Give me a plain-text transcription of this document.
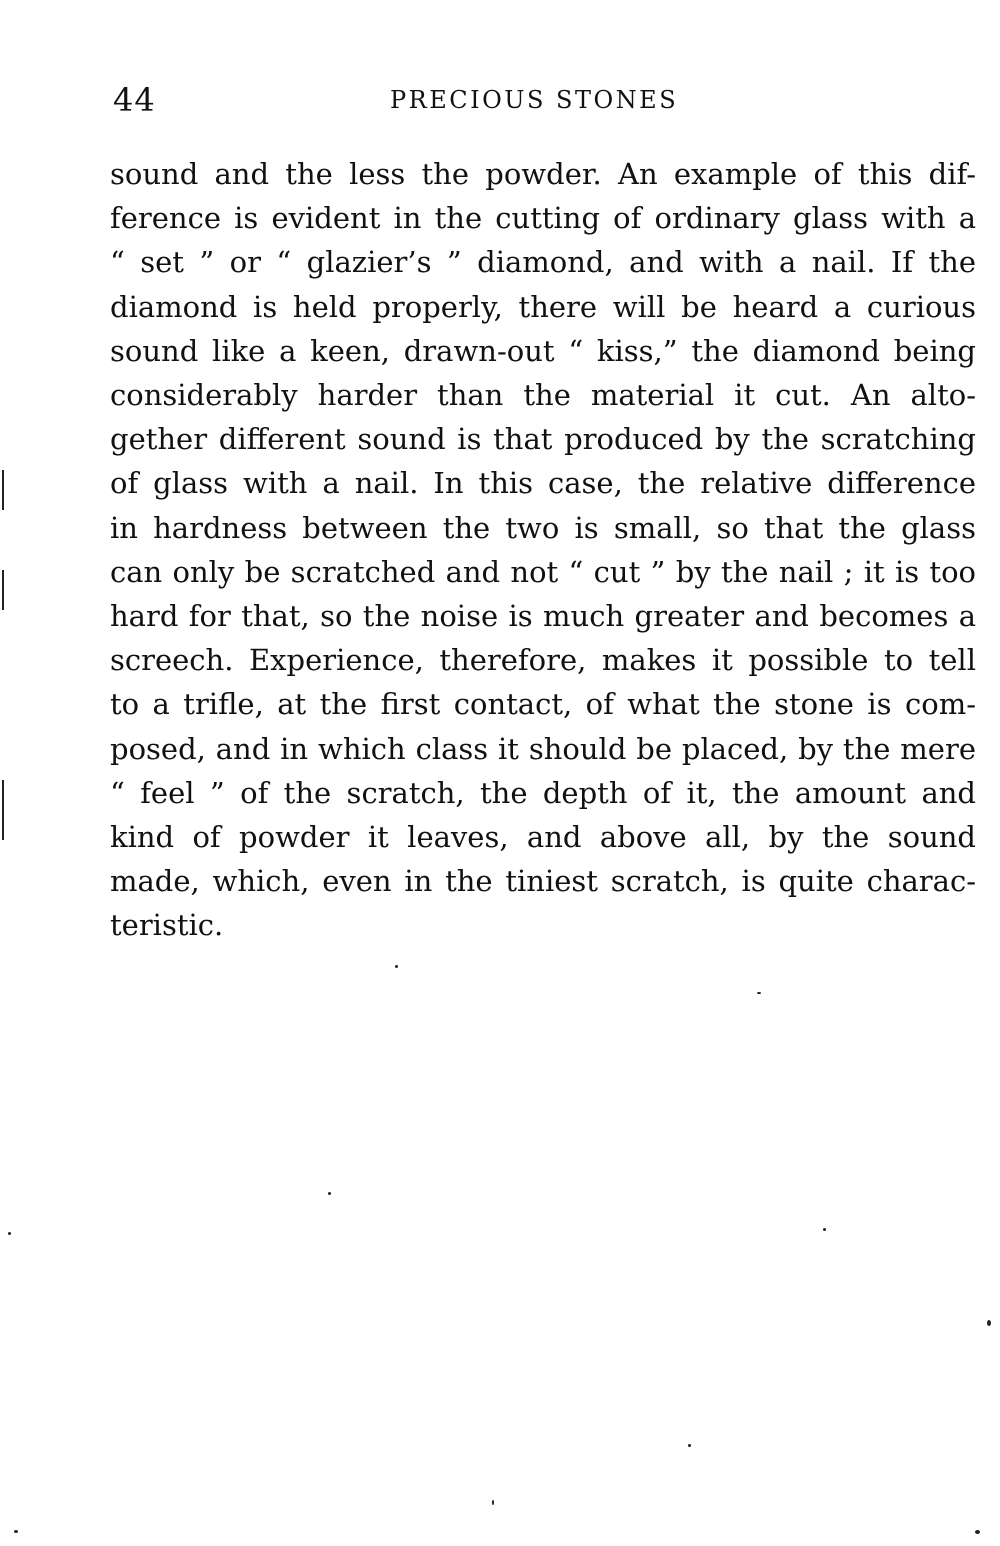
44	PRECIOUS STONES
sound and the less the powder. An example of this dif-
ference is evident in the cutting of ordinary glass with a
“ set ” or “ glazier’s ” diamond, and with a nail. If the
diamond is held properly, there will be heard a curious
sound like a keen, drawn-out “ kiss,” the diamond being
considerably harder than the material it cut. An alto-
gether different sound is that produced by the scratching
of glass with a nail. In this case, the relative difference
in hardness between the two is small, so that the glass
can only be scratched and not “ cut ” by the nail ; it is too
hard for that, so the noise is much greater and becomes a
screech. Experience, therefore, makes it possible to tell
to a trifle, at the first contact, of what the stone is com-
posed, and in which class it should be placed, by the mere
“ feel ” of the scratch, the depth of it, the amount and
kind of powder it leaves, and above all, by the sound
made, which, even in the tiniest scratch, is quite charac-
teristic.
